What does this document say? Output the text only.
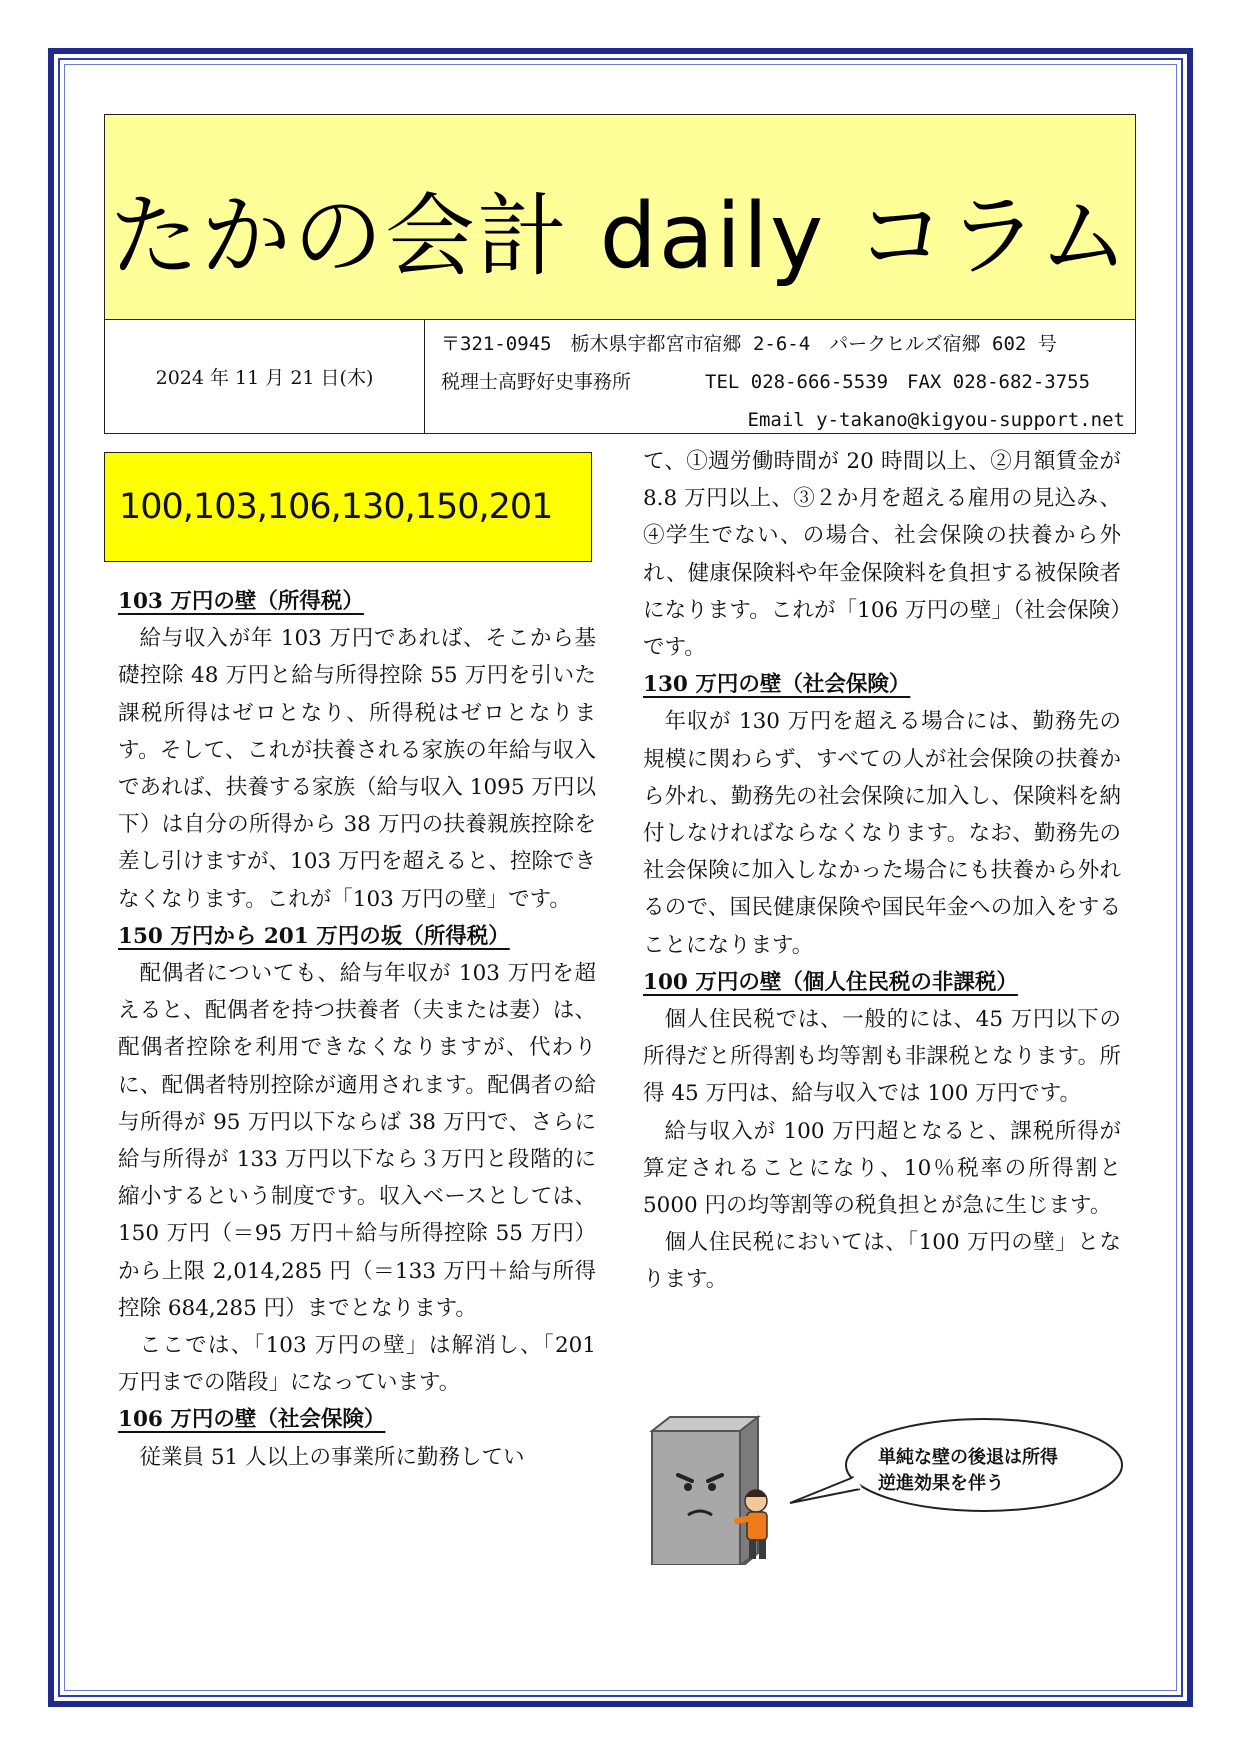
たかの会計 daily コラム
2024 年 11 月 21 日(木)
〒321-0945　栃木県宇都宮市宿郷 2-6-4　パークヒルズ宿郷 602 号
税理士高野好史事務所	TEL 028-666-5539　FAX 028-682-3755
Email y-takano@kigyou-support.net
100,103,106,130,150,201
103 万円の壁（所得税）

給与収入が年 103 万円であれば、そこから基礎控除 48 万円と給与所得控除 55 万円を引いた課税所得はゼロとなり、所得税はゼロとなります。そして、これが扶養される家族の年給与収入であれば、扶養する家族（給与収入 1095 万円以下）は自分の所得から 38 万円の扶養親族控除を差し引けますが、103 万円を超えると、控除できなくなります。これが「103 万円の壁」です。

150 万円から 201 万円の坂（所得税）

配偶者についても、給与年収が 103 万円を超えると、配偶者を持つ扶養者（夫または妻）は、配偶者控除を利用できなくなりますが、代わりに、配偶者特別控除が適用されます。配偶者の給与所得が 95 万円以下ならば 38 万円で、さらに給与所得が 133 万円以下なら３万円と段階的に縮小するという制度です。収入ベースとしては、150 万円（＝95 万円＋給与所得控除 55 万円）から上限 2,014,285 円（＝133 万円＋給与所得控除 684,285 円）までとなります。

ここでは、「103 万円の壁」は解消し、「201 万円までの階段」になっています。

106 万円の壁（社会保険）

従業員 51 人以上の事業所に勤務してい

て、①週労働時間が 20 時間以上、②月額賃金が 8.8 万円以上、③２か月を超える雇用の見込み、④学生でない、の場合、社会保険の扶養から外れ、健康保険料や年金保険料を負担する被保険者になります。これが「106 万円の壁」（社会保険）です。

130 万円の壁（社会保険）

年収が 130 万円を超える場合には、勤務先の規模に関わらず、すべての人が社会保険の扶養から外れ、勤務先の社会保険に加入し、保険料を納付しなければならなくなります。なお、勤務先の社会保険に加入しなかった場合にも扶養から外れるので、国民健康保険や国民年金への加入をすることになります。

100 万円の壁（個人住民税の非課税）

個人住民税では、一般的には、45 万円以下の所得だと所得割も均等割も非課税となります。所得 45 万円は、給与収入では 100 万円です。

給与収入が 100 万円超となると、課税所得が算定されることになり、10％税率の所得割と 5000 円の均等割等の税負担とが急に生じます。

個人住民税においては、「100 万円の壁」となります。

単純な壁の後退は所得逆進効果を伴う
